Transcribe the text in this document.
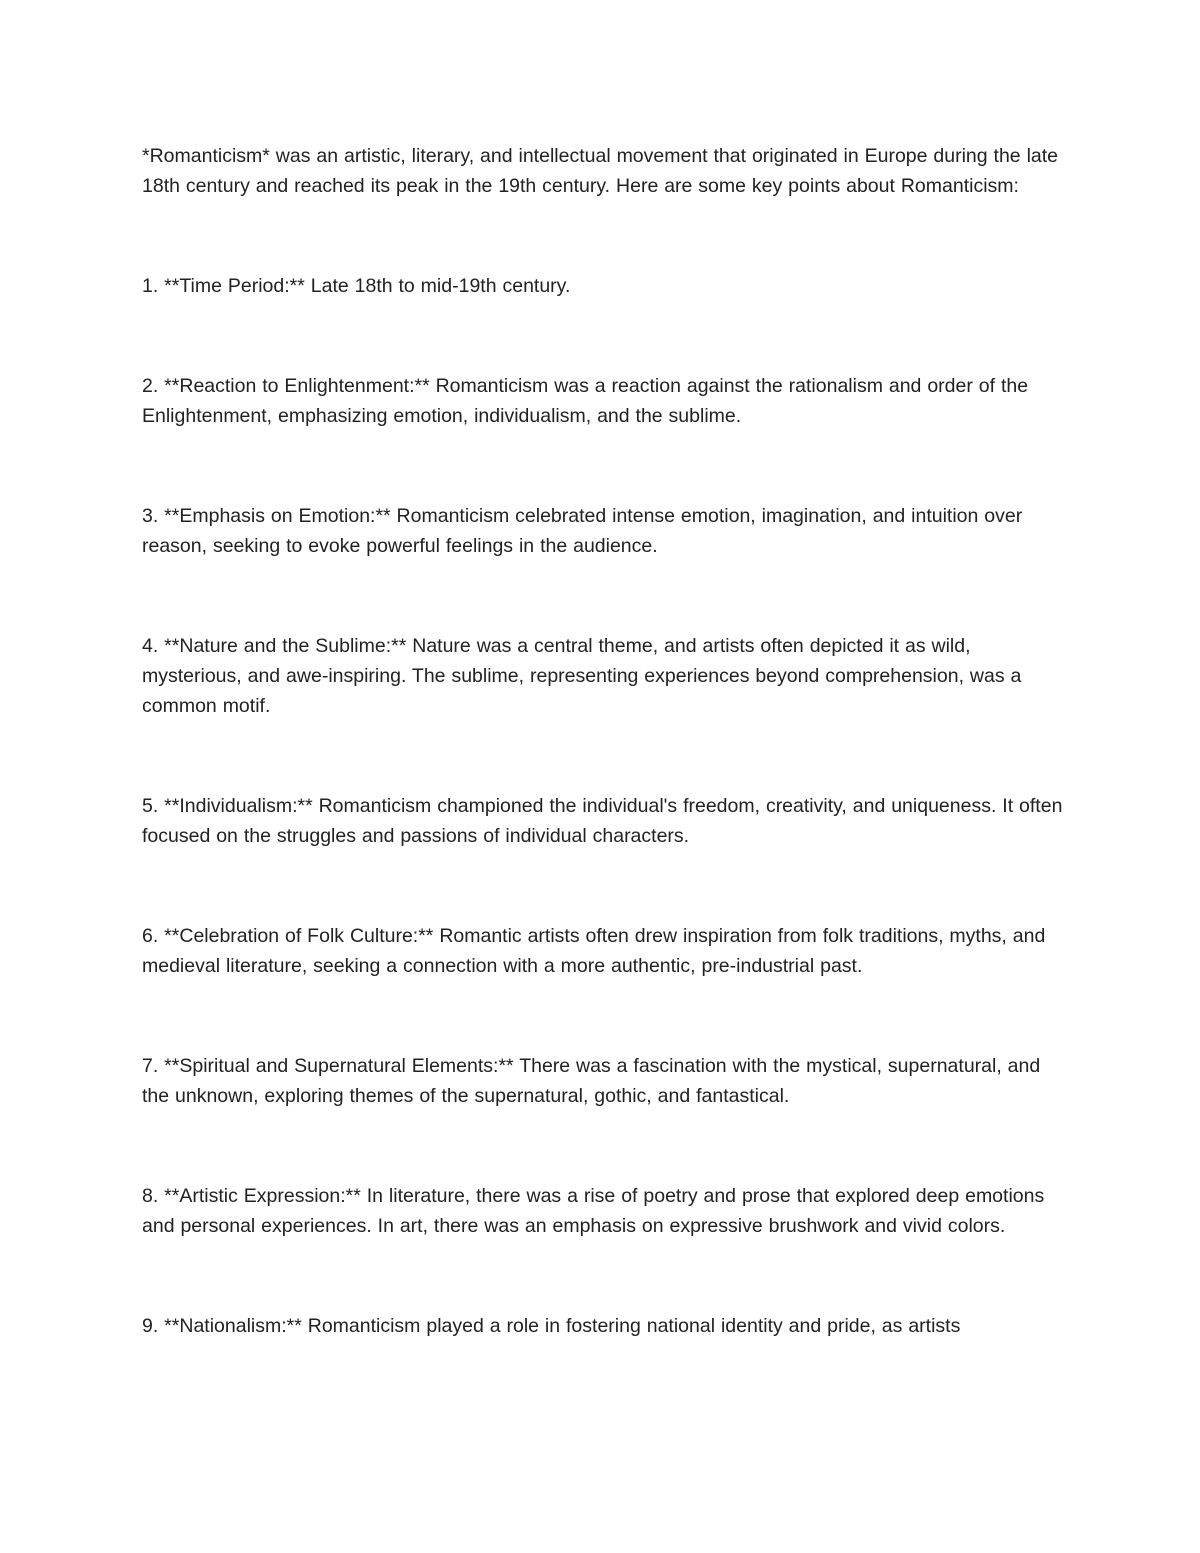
*Romanticism* was an artistic, literary, and intellectual movement that originated in Europe during the late 18th century and reached its peak in the 19th century. Here are some key points about Romanticism:

1. **Time Period:** Late 18th to mid-19th century.

2. **Reaction to Enlightenment:** Romanticism was a reaction against the rationalism and order of the Enlightenment, emphasizing emotion, individualism, and the sublime.

3. **Emphasis on Emotion:** Romanticism celebrated intense emotion, imagination, and intuition over reason, seeking to evoke powerful feelings in the audience.

4. **Nature and the Sublime:** Nature was a central theme, and artists often depicted it as wild, mysterious, and awe-inspiring. The sublime, representing experiences beyond comprehension, was a common motif.

5. **Individualism:** Romanticism championed the individual's freedom, creativity, and uniqueness. It often focused on the struggles and passions of individual characters.

6. **Celebration of Folk Culture:** Romantic artists often drew inspiration from folk traditions, myths, and medieval literature, seeking a connection with a more authentic, pre-industrial past.

7. **Spiritual and Supernatural Elements:** There was a fascination with the mystical, supernatural, and the unknown, exploring themes of the supernatural, gothic, and fantastical.

8. **Artistic Expression:** In literature, there was a rise of poetry and prose that explored deep emotions and personal experiences. In art, there was an emphasis on expressive brushwork and vivid colors.

9. **Nationalism:** Romanticism played a role in fostering national identity and pride, as artists
